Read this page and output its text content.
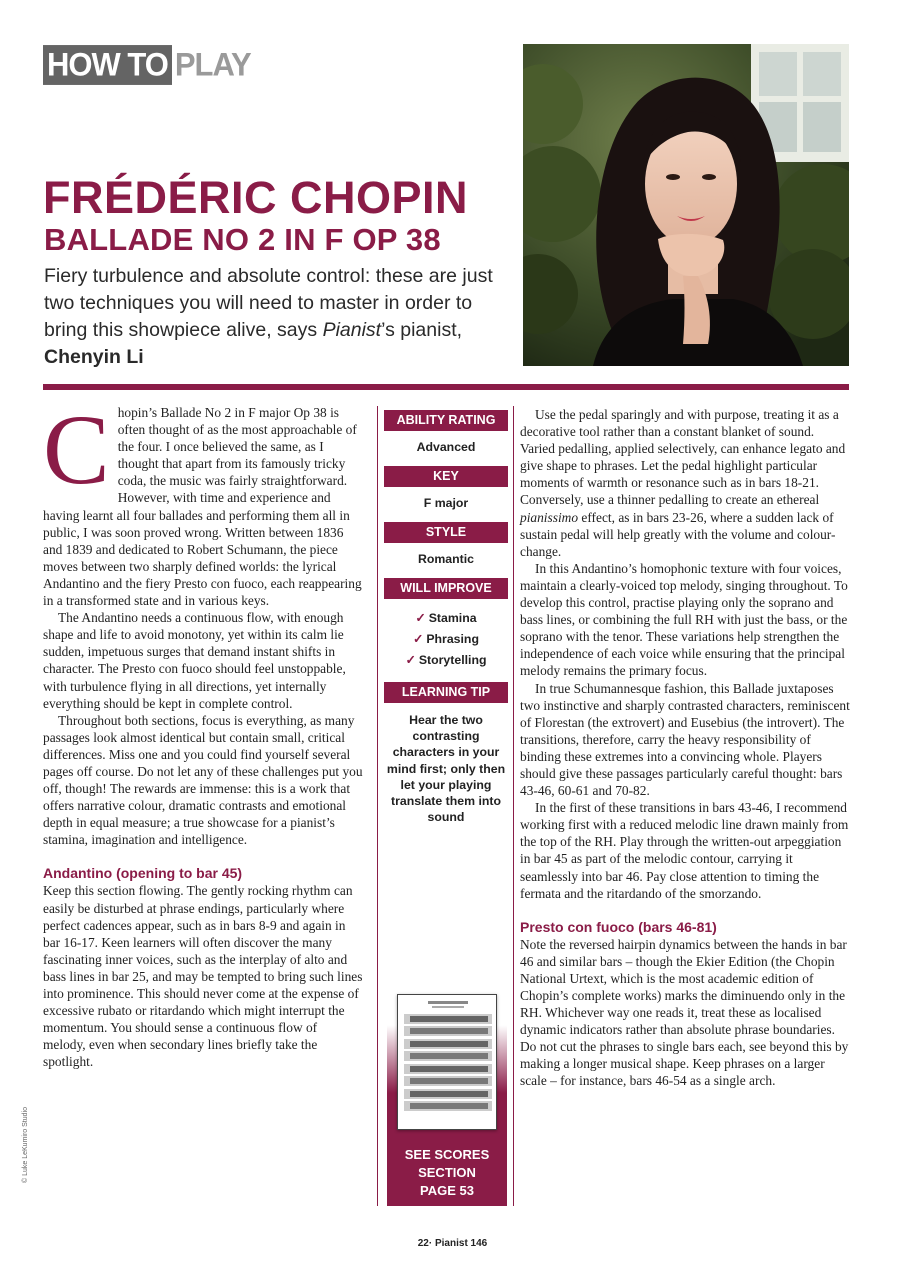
HOW TO PLAY
FRÉDÉRIC CHOPIN
BALLADE NO 2 IN F OP 38

Fiery turbulence and absolute control: these are just two techniques you will need to master in order to bring this showpiece alive, says Pianist’s pianist, Chenyin Li

Chopin’s Ballade No 2 in F major Op 38 is often thought of as the most approachable of the four. I once believed the same, as I thought that apart from its famously tricky coda, the music was fairly straightforward. However, with time and experience and having learnt all four ballades and performing them all in public, I was soon proved wrong. Written between 1836 and 1839 and dedicated to Robert Schumann, the piece moves between two sharply defined worlds: the lyrical Andantino and the fiery Presto con fuoco, each reappearing in a transformed state and in various keys.

The Andantino needs a continuous flow, with enough shape and life to avoid monotony, yet within its calm lie sudden, impetuous surges that demand instant shifts in character. The Presto con fuoco should feel unstoppable, with turbulence flying in all directions, yet internally everything should be kept in complete control.

Throughout both sections, focus is everything, as many passages look almost identical but contain small, critical differences. Miss one and you could find yourself several pages off course. Do not let any of these challenges put you off, though! The rewards are immense: this is a work that offers narrative colour, dramatic contrasts and emotional depth in equal measure; a true showcase for a pianist’s stamina, imagination and intelligence.

Andantino (opening to bar 45)

Keep this section flowing. The gently rocking rhythm can easily be disturbed at phrase endings, particularly where perfect cadences appear, such as in bars 8-9 and again in bar 16-17. Keen learners will often discover the many fascinating inner voices, such as the interplay of alto and bass lines in bar 25, and may be tempted to bring such lines into prominence. This should never come at the expense of excessive rubato or ritardando which might interrupt the momentum. You should sense a continuous flow of melody, even when secondary lines briefly take the spotlight.

ABILITY RATING
Advanced
KEY
F major
STYLE
Romantic
WILL IMPROVE
✓ Stamina
✓ Phrasing
✓ Storytelling
LEARNING TIP
Hear the two contrasting characters in your mind first; only then let your playing translate them into sound
SEE SCORES
SECTION
PAGE 53

Use the pedal sparingly and with purpose, treating it as a decorative tool rather than a constant blanket of sound. Varied pedalling, applied selectively, can enhance legato and give shape to phrases. Let the pedal highlight particular moments of warmth or resonance such as in bars 18-21. Conversely, use a thinner pedalling to create an ethereal pianissimo effect, as in bars 23-26, where a sudden lack of sustain pedal will help greatly with the volume and colour-change.

In this Andantino’s homophonic texture with four voices, maintain a clearly-voiced top melody, singing throughout. To develop this control, practise playing only the soprano and bass lines, or combining the full RH with just the bass, or the soprano with the tenor. These variations help strengthen the independence of each voice while ensuring that the principal melody remains the primary focus.

In true Schumannesque fashion, this Ballade juxtaposes two instinctive and sharply contrasted characters, reminiscent of Florestan (the extrovert) and Eusebius (the introvert). The transitions, therefore, carry the heavy responsibility of binding these extremes into a convincing whole. Players should give these passages particularly careful thought: bars 43-46, 60-61 and 70-82.

In the first of these transitions in bars 43-46, I recommend working first with a reduced melodic line drawn mainly from the top of the RH. Play through the written-out arpeggiation in bar 45 as part of the melodic contour, carrying it seamlessly into bar 46. Pay close attention to timing the fermata and the ritardando of the smorzando.

Presto con fuoco (bars 46-81)

Note the reversed hairpin dynamics between the hands in bar 46 and similar bars – though the Ekier Edition (the Chopin National Urtext, which is the most academic edition of Chopin’s complete works) marks the diminuendo only in the RH. Whichever way one reads it, treat these as localised dynamic indicators rather than absolute phrase boundaries. Do not cut the phrases to single bars each, see beyond this by making a longer musical shape. Keep phrases on a larger scale – for instance, bars 46-54 as a single arch.

© Luke LeKumiro Studio
22· Pianist 146
